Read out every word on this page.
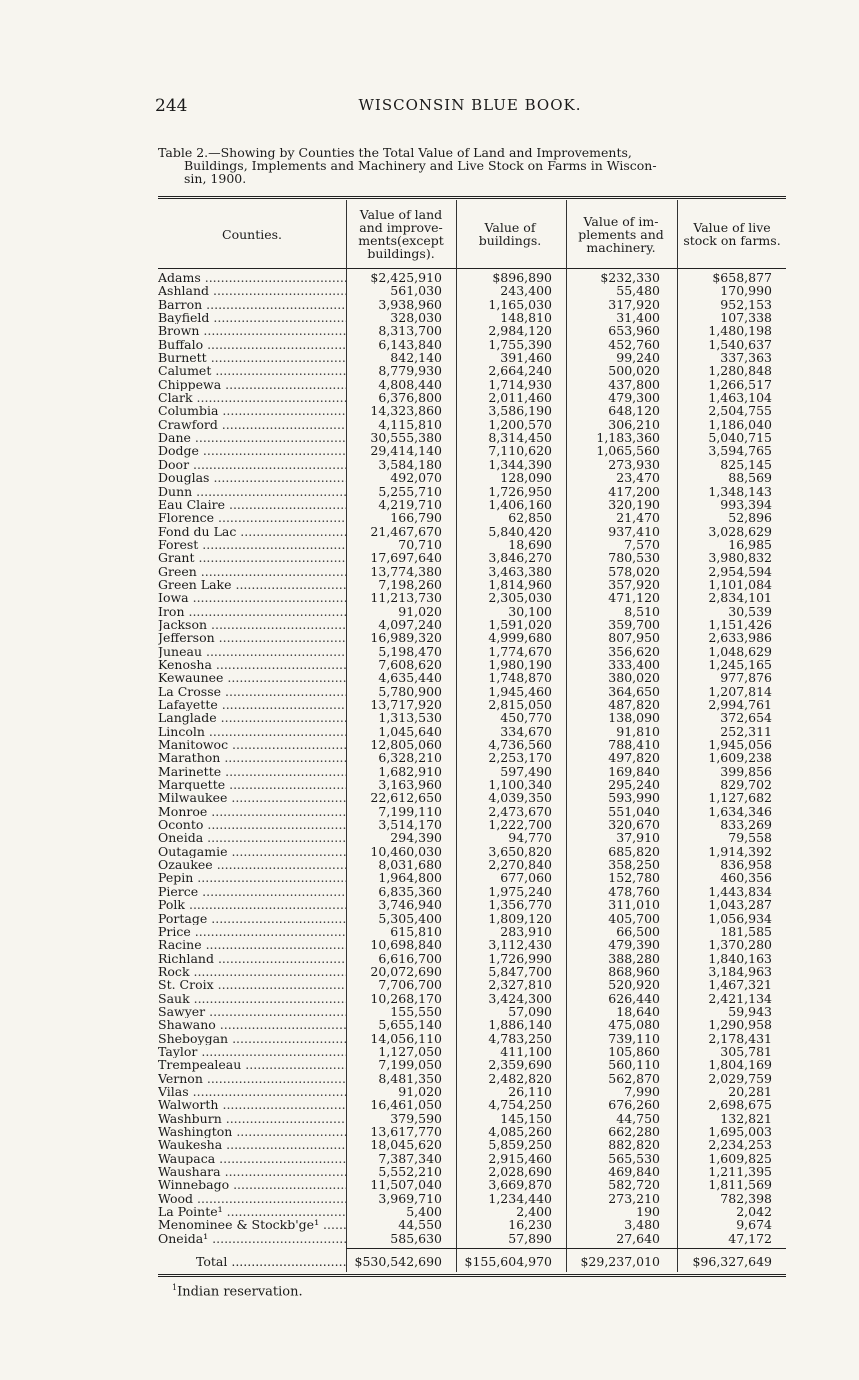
244	WISCONSIN BLUE BOOK.
Table 2.—Showing by Counties the Total Value of Land and Improvements,
Buildings, Implements and Machinery and Live Stock on Farms in Wiscon-
sin, 1900.
Counties.
Value of land and improve- ments(except buildings).
Value of buildings.
Value of im- plements and machinery.
Value of live stock on farms.
Adams .....	$2,425,910	$896,890	$232,330	$658,877
Ashland .....	561,030	243,400	55,480	170,990
Barron .....	3,938,960	1,165,030	317,920	952,153
Bayfield .....	328,030	148,810	31,400	107,338
Brown .....	8,313,700	2,984,120	653,960	1,480,198
Buffalo .....	6,143,840	1,755,390	452,760	1,540,637
Burnett .....	842,140	391,460	99,240	337,363
Calumet .....	8,779,930	2,664,240	500,020	1,280,848
Chippewa .....	4,808,440	1,714,930	437,800	1,266,517
Clark .....	6,376,800	2,011,460	479,300	1,463,104
Columbia .....	14,323,860	3,586,190	648,120	2,504,755
Crawford .....	4,115,810	1,200,570	306,210	1,186,040
Dane .....	30,555,380	8,314,450	1,183,360	5,040,715
Dodge .....	29,414,140	7,110,620	1,065,560	3,594,765
Door .....	3,584,180	1,344,390	273,930	825,145
Douglas .....	492,070	128,090	23,470	88,569
Dunn .....	5,255,710	1,726,950	417,200	1,348,143
Eau Claire .....	4,219,710	1,406,160	320,190	993,394
Florence .....	166,790	62,850	21,470	52,896
Fond du Lac .....	21,467,670	5,840,420	937,410	3,028,629
Forest .....	70,710	18,690	7,570	16,985
Grant .....	17,697,640	3,846,270	780,530	3,980,832
Green .....	13,774,380	3,463,380	578,020	2,954,594
Green Lake .....	7,198,260	1,814,960	357,920	1,101,084
Iowa .....	11,213,730	2,305,030	471,120	2,834,101
Iron .....	91,020	30,100	8,510	30,539
Jackson .....	4,097,240	1,591,020	359,700	1,151,426
Jefferson .....	16,989,320	4,999,680	807,950	2,633,986
Juneau .....	5,198,470	1,774,670	356,620	1,048,629
Kenosha .....	7,608,620	1,980,190	333,400	1,245,165
Kewaunee .....	4,635,440	1,748,870	380,020	977,876
La Crosse .....	5,780,900	1,945,460	364,650	1,207,814
Lafayette .....	13,717,920	2,815,050	487,820	2,994,761
Langlade .....	1,313,530	450,770	138,090	372,654
Lincoln .....	1,045,640	334,670	91,810	252,311
Manitowoc .....	12,805,060	4,736,560	788,410	1,945,056
Marathon .....	6,328,210	2,253,170	497,820	1,609,238
Marinette .....	1,682,910	597,490	169,840	399,856
Marquette .....	3,163,960	1,100,340	295,240	829,702
Milwaukee .....	22,612,650	4,039,350	593,990	1,127,682
Monroe .....	7,199,110	2,473,670	551,040	1,634,346
Oconto .....	3,514,170	1,222,700	320,670	833,269
Oneida .....	294,390	94,770	37,910	79,558
Outagamie .....	10,460,030	3,650,820	685,820	1,914,392
Ozaukee .....	8,031,680	2,270,840	358,250	836,958
Pepin .....	1,964,800	677,060	152,780	460,356
Pierce .....	6,835,360	1,975,240	478,760	1,443,834
Polk .....	3,746,940	1,356,770	311,010	1,043,287
Portage .....	5,305,400	1,809,120	405,700	1,056,934
Price .....	615,810	283,910	66,500	181,585
Racine .....	10,698,840	3,112,430	479,390	1,370,280
Richland .....	6,616,700	1,726,990	388,280	1,840,163
Rock .....	20,072,690	5,847,700	868,960	3,184,963
St. Croix .....	7,706,700	2,327,810	520,920	1,467,321
Sauk .....	10,268,170	3,424,300	626,440	2,421,134
Sawyer .....	155,550	57,090	18,640	59,943
Shawano .....	5,655,140	1,886,140	475,080	1,290,958
Sheboygan .....	14,056,110	4,783,250	739,110	2,178,431
Taylor .....	1,127,050	411,100	105,860	305,781
Trempealeau .....	7,199,050	2,359,690	560,110	1,804,169
Vernon .....	8,481,350	2,482,820	562,870	2,029,759
Vilas .....	91,020	26,110	7,990	20,281
Walworth .....	16,461,050	4,754,250	676,260	2,698,675
Washburn .....	379,590	145,150	44,750	132,821
Washington .....	13,617,770	4,085,260	662,280	1,695,003
Waukesha .....	18,045,620	5,859,250	882,820	2,234,253
Waupaca .....	7,387,340	2,915,460	565,530	1,609,825
Waushara .....	5,552,210	2,028,690	469,840	1,211,395
Winnebago .....	11,507,040	3,669,870	582,720	1,811,569
Wood .....	3,969,710	1,234,440	273,210	782,398
La Pointe¹ .....	5,400	2,400	190	2,042
Menominee & Stockb'ge¹ .....	44,550	16,230	3,480	9,674
Oneida¹ .....	585,630	57,890	27,640	47,172
Total .....	$530,542,690 $155,604,970	$29,237,010	$96,327,649
$^1$Indian reservation.
